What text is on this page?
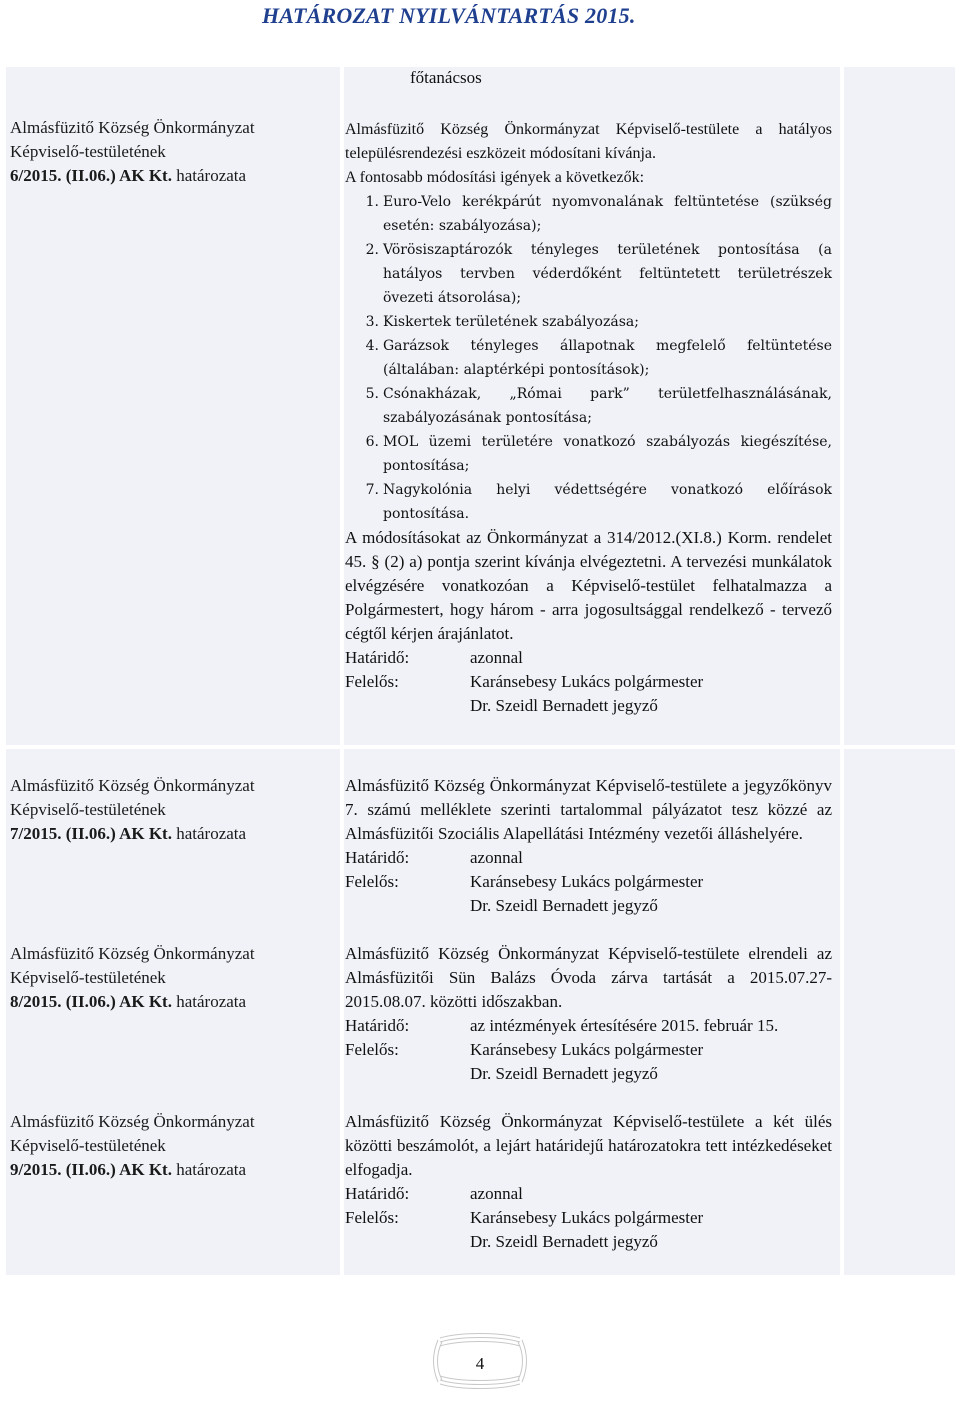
HATÁROZAT NYILVÁNTARTÁS 2015.
főtanácsos
Almásfüzitő Község Önkormányzat
Képviselő-testületének
6/2015. (II.06.) AK Kt. határozata

Almásfüzitő Község Önkormányzat Képviselő-testülete a hatályos településrendezési eszközeit módosítani kívánja.

A fontosabb módosítási igények a következők:

1. Euro-Velo kerékpárút nyomvonalának feltüntetése (szükség esetén: szabályozása);
2. Vörösiszaptározók tényleges területének pontosítása (a hatályos tervben véderdőként feltüntetett területrészek övezeti átsorolása);
3. Kiskertek területének szabályozása;
4. Garázsok tényleges állapotnak megfelelő feltüntetése (általában: alaptérképi pontosítások);
5. Csónakházak, „Római park” területfelhasználásának, szabályozásának pontosítása;
6. MOL üzemi területére vonatkozó szabályozás kiegészítése, pontosítása;
7. Nagykolónia helyi védettségére vonatkozó előírások pontosítása.

A módosításokat az Önkormányzat a 314/2012.(XI.8.) Korm. rendelet 45. § (2) a) pontja szerint kívánja elvégeztetni. A tervezési munkálatok elvégzésére vonatkozóan a Képviselő-testület felhatalmazza a Polgármestert, hogy három - arra jogosultsággal rendelkező - tervező cégtől kérjen árajánlatot.

Határidő:	azonnal
Felelős:	Karánsebesy Lukács polgármester
Dr. Szeidl Bernadett jegyző
Almásfüzitő Község Önkormányzat
Képviselő-testületének
7/2015. (II.06.) AK Kt. határozata

Almásfüzitő Község Önkormányzat Képviselő-testülete a jegyzőkönyv 7. számú melléklete szerinti tartalommal pályázatot tesz közzé az Almásfüzitői Szociális Alapellátási Intézmény vezetői álláshelyére.

Határidő:	azonnal
Felelős:	Karánsebesy Lukács polgármester
Dr. Szeidl Bernadett jegyző
Almásfüzitő Község Önkormányzat
Képviselő-testületének
8/2015. (II.06.) AK Kt. határozata

Almásfüzitő Község Önkormányzat Képviselő-testülete elrendeli az Almásfüzitői Sün Balázs Óvoda zárva tartását a 2015.07.27-2015.08.07. közötti időszakban.

Határidő:	az intézmények értesítésére 2015. február 15.
Felelős:	Karánsebesy Lukács polgármester
Dr. Szeidl Bernadett jegyző
Almásfüzitő Község Önkormányzat
Képviselő-testületének
9/2015. (II.06.) AK Kt. határozata

Almásfüzitő Község Önkormányzat Képviselő-testülete a két ülés közötti beszámolót, a lejárt határidejű határozatokra tett intézkedéseket elfogadja.

Határidő:	azonnal
Felelős:	Karánsebesy Lukács polgármester
Dr. Szeidl Bernadett jegyző
4
